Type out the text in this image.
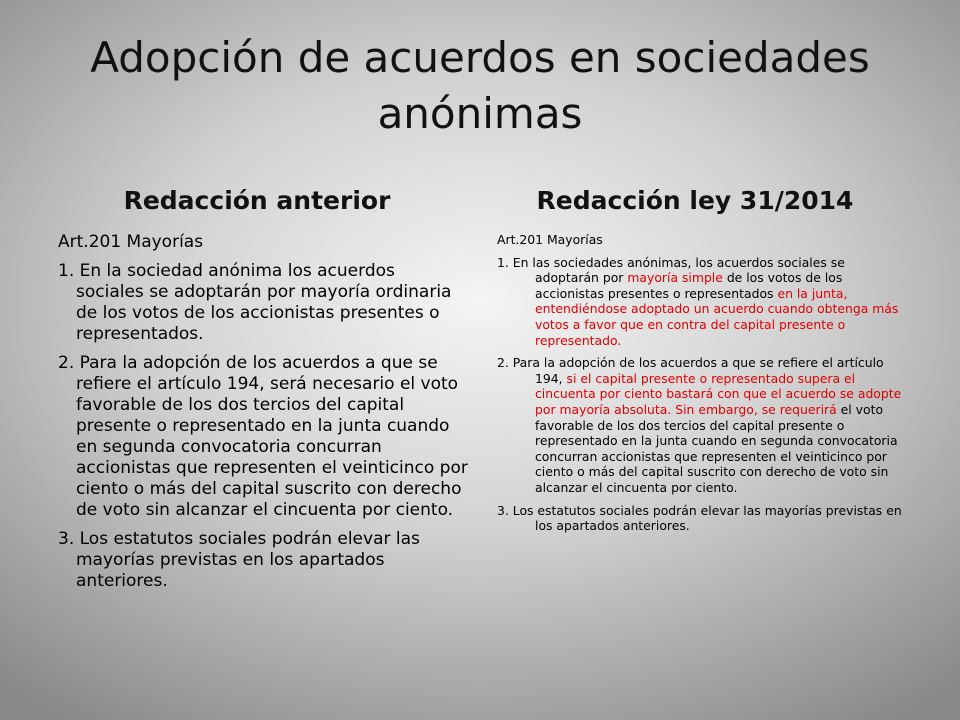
Adopción de acuerdos en sociedades anónimas
Redacción anterior	Redacción ley 31/2014

Art.201 Mayorías

1. En la sociedad anónima los acuerdos sociales se adoptarán por mayoría ordinaria de los votos de los accionistas presentes o representados.

2. Para la adopción de los acuerdos a que se refiere el artículo 194, será necesario el voto favorable de los dos tercios del capital presente o representado en la junta cuando en segunda convocatoria concurran accionistas que representen el veinticinco por ciento o más del capital suscrito con derecho de voto sin alcanzar el cincuenta por ciento.

3. Los estatutos sociales podrán elevar las mayorías previstas en los apartados anteriores.

Art.201 Mayorías

1. En las sociedades anónimas, los acuerdos sociales se adoptarán por mayoría simple de los votos de los accionistas presentes o representados en la junta, entendiéndose adoptado un acuerdo cuando obtenga más votos a favor que en contra del capital presente o representado.

2. Para la adopción de los acuerdos a que se refiere el artículo 194, si el capital presente o representado supera el cincuenta por ciento bastará con que el acuerdo se adopte por mayoría absoluta. Sin embargo, se requerirá el voto favorable de los dos tercios del capital presente o representado en la junta cuando en segunda convocatoria concurran accionistas que representen el veinticinco por ciento o más del capital suscrito con derecho de voto sin alcanzar el cincuenta por ciento.

3. Los estatutos sociales podrán elevar las mayorías previstas en los apartados anteriores.
